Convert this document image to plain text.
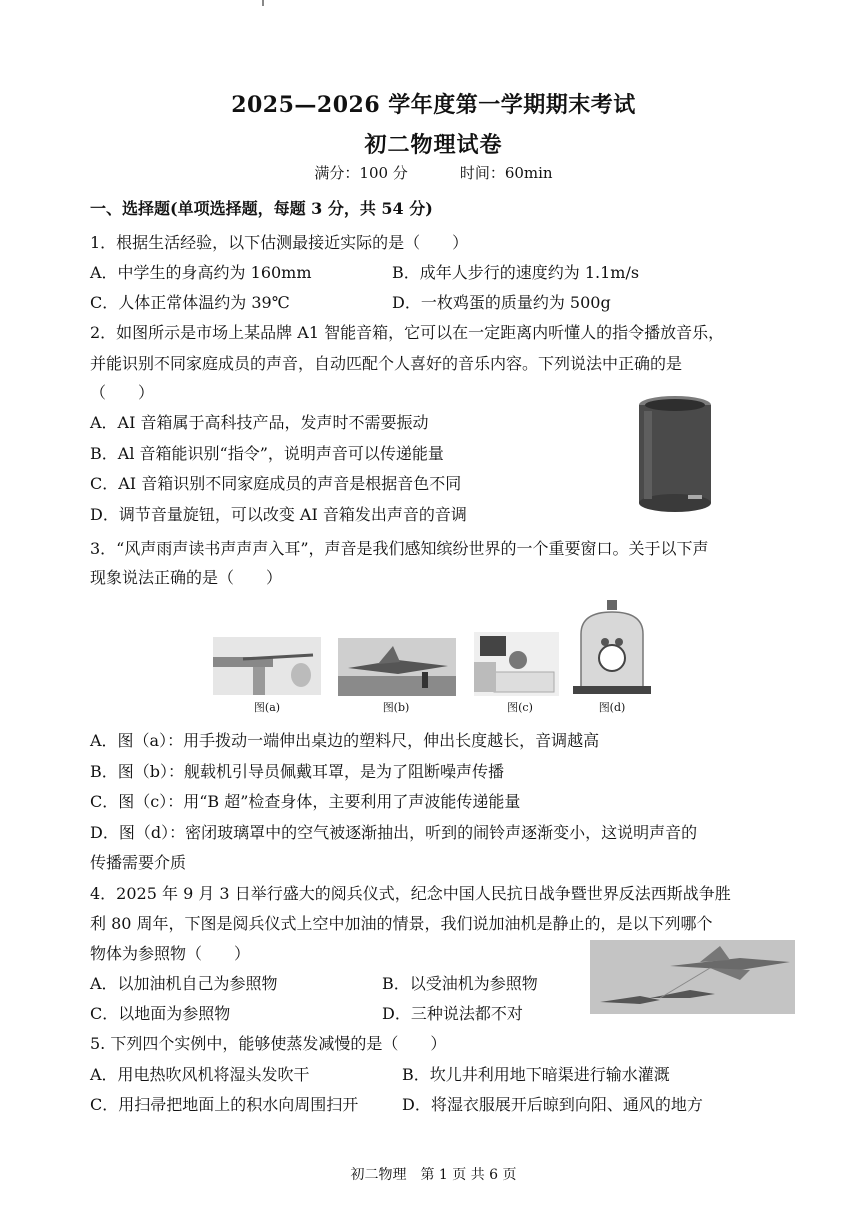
2025—2026 学年度第一学期期末考试
初二物理试卷
满分：100 分	时间：60min
一、选择题(单项选择题，每题 3 分，共 54 分)
1．根据生活经验，以下估测最接近实际的是（　　）
A．中学生的身高约为 160mm	B．成年人步行的速度约为 1.1m/s
C．人体正常体温约为 39℃	D．一枚鸡蛋的质量约为 500g
2．如图所示是市场上某品牌 A1 智能音箱，它可以在一定距离内听懂人的指令播放音乐，
并能识别不同家庭成员的声音，自动匹配个人喜好的音乐内容。下列说法中正确的是
（　　）
A．AI 音箱属于高科技产品，发声时不需要振动
B．Al 音箱能识别“指令”，说明声音可以传递能量
C．AI 音箱识别不同家庭成员的声音是根据音色不同
D．调节音量旋钮，可以改变 AI 音箱发出声音的音调
3．“风声雨声读书声声声入耳”，声音是我们感知缤纷世界的一个重要窗口。关于以下声
现象说法正确的是（　　）
图(a)	图(b)	图(c)	图(d)
A．图（a）：用手拨动一端伸出桌边的塑料尺，伸出长度越长，音调越高
B．图（b）：舰载机引导员佩戴耳罩，是为了阻断噪声传播
C．图（c）：用“B 超”检查身体，主要利用了声波能传递能量
D．图（d）：密闭玻璃罩中的空气被逐渐抽出，听到的闹铃声逐渐变小，这说明声音的
传播需要介质
4．2025 年 9 月 3 日举行盛大的阅兵仪式，纪念中国人民抗日战争暨世界反法西斯战争胜
利 80 周年，下图是阅兵仪式上空中加油的情景，我们说加油机是静止的，是以下列哪个
物体为参照物（　　）
A．以加油机自己为参照物	B．以受油机为参照物
C．以地面为参照物	D．三种说法都不对
5. 下列四个实例中，能够使蒸发减慢的是（　　）
A．用电热吹风机将湿头发吹干	B．坎儿井利用地下暗渠进行输水灌溉
C．用扫帚把地面上的积水向周围扫开	D．将湿衣服展开后晾到向阳、通风的地方
初二物理　第 1 页 共 6 页
